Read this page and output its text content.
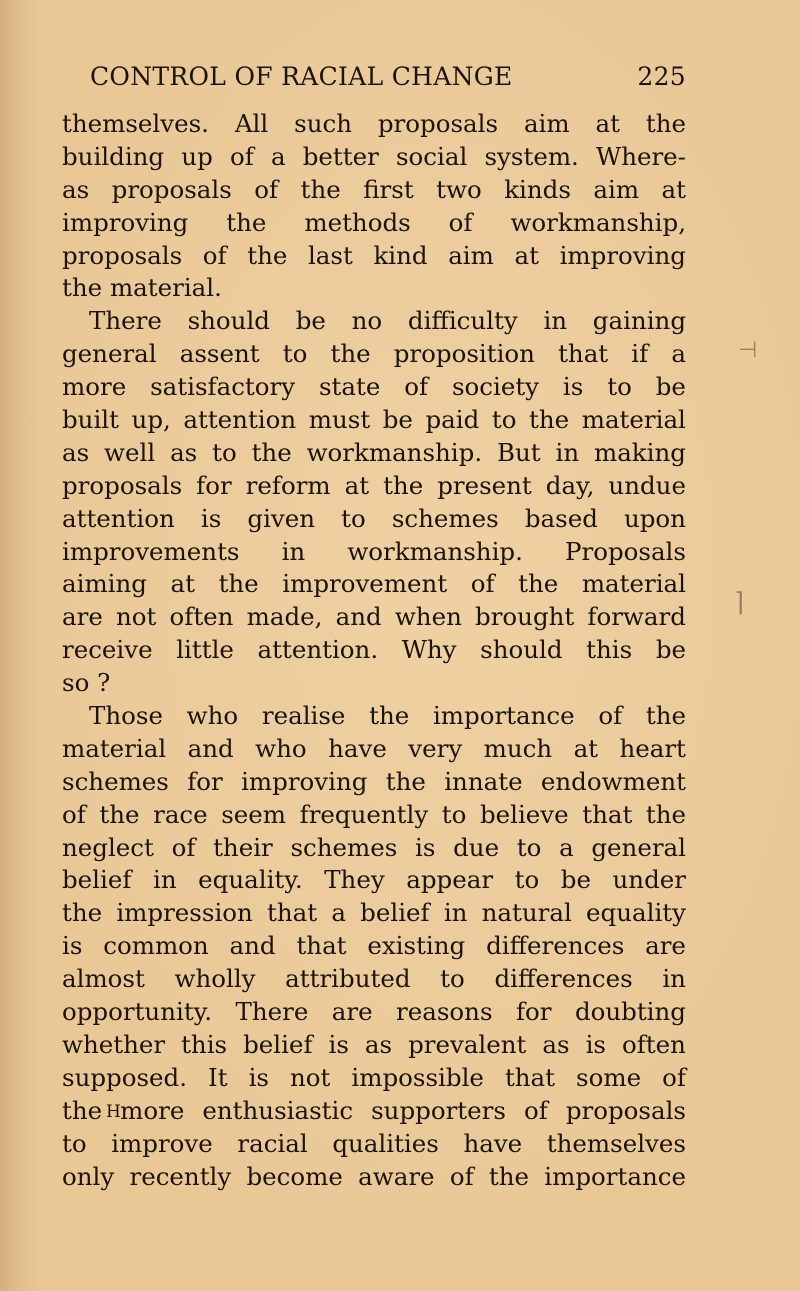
CONTROL OF RACIAL CHANGE	225
themselves. All such proposals aim at the
building up of a better social system. Where-
as proposals of the first two kinds aim at
improving the methods of workmanship,
proposals of the last kind aim at improving
the material.
There should be no difficulty in gaining
general assent to the proposition that if a
more satisfactory state of society is to be
built up, attention must be paid to the material
as well as to the workmanship. But in making
proposals for reform at the present day, undue
attention is given to schemes based upon
improvements in workmanship. Proposals
aiming at the improvement of the material
are not often made, and when brought forward
receive little attention. Why should this be
so ?
Those who realise the importance of the
material and who have very much at heart
schemes for improving the innate endowment
of the race seem frequently to believe that the
neglect of their schemes is due to a general
belief in equality. They appear to be under
the impression that a belief in natural equality
is common and that existing differences are
almost wholly attributed to differences in
opportunity. There are reasons for doubting
whether this belief is as prevalent as is often
supposed. It is not impossible that some of
the more enthusiastic supporters of proposals
to improve racial qualities have themselves
only recently become aware of the importance
H
⊣
⌉
